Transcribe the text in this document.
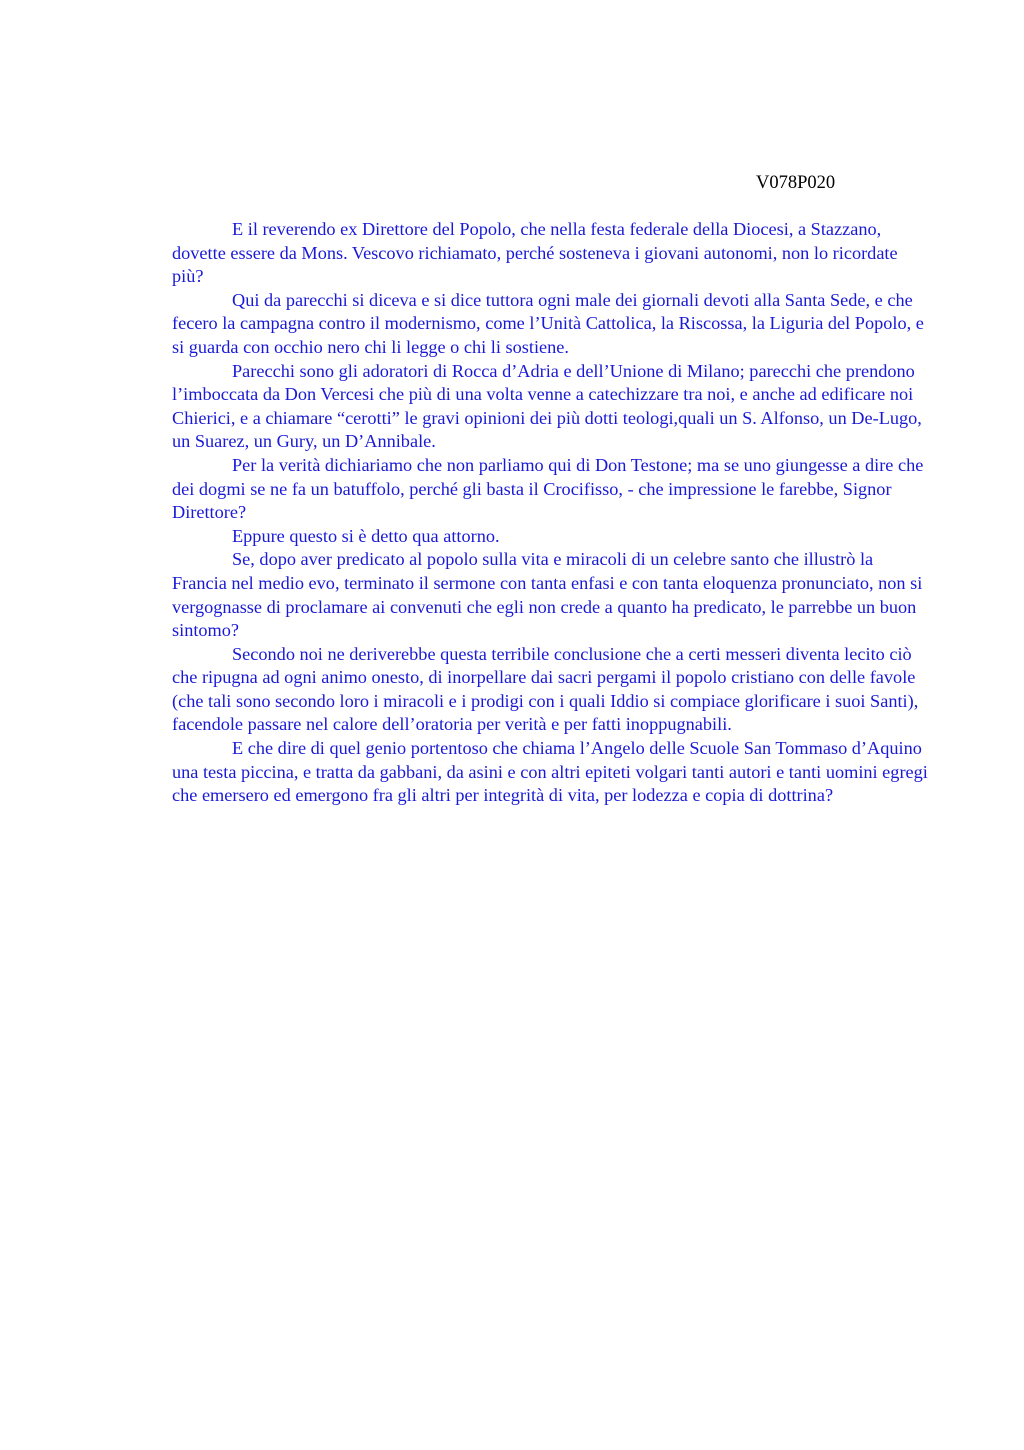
V078P020

E il reverendo ex Direttore del Popolo, che nella festa federale della Diocesi, a Stazzano, dovette essere da Mons. Vescovo richiamato, perché sosteneva i giovani autonomi, non lo ricordate più?

Qui da parecchi si diceva e si dice tuttora ogni male dei giornali devoti alla Santa Sede, e che fecero la campagna contro il modernismo, come l’Unità Cattolica, la Riscossa, la Liguria del Popolo, e si guarda con occhio nero chi li legge o chi li sostiene.

Parecchi sono gli adoratori di Rocca d’Adria e dell’Unione di Milano; parecchi che prendono l’imboccata da Don Vercesi che più di una volta venne a catechizzare tra noi, e anche ad edificare noi Chierici, e a chiamare “cerotti” le gravi opinioni dei più dotti teologi,quali un S. Alfonso, un De-Lugo, un Suarez, un Gury, un D’Annibale.

Per la verità dichiariamo che non parliamo qui di Don Testone; ma se uno giungesse a dire che dei dogmi se ne fa un batuffolo, perché gli basta il Crocifisso, - che impressione le farebbe, Signor Direttore?

Eppure questo si è detto qua attorno.

Se, dopo aver predicato al popolo sulla vita e miracoli di un celebre santo che illustrò la Francia nel medio evo, terminato il sermone con tanta enfasi e con tanta eloquenza pronunciato, non si vergognasse di proclamare ai convenuti che egli non crede a quanto ha predicato, le parrebbe un buon sintomo?

Secondo noi ne deriverebbe questa terribile conclusione che a certi messeri diventa lecito ciò che ripugna ad ogni animo onesto, di inorpellare dai sacri pergami il popolo cristiano con delle favole (che tali sono secondo loro i miracoli e i prodigi con i quali Iddio si compiace glorificare i suoi Santi), facendole passare nel calore dell’oratoria per verità e per fatti inoppugnabili.

E che dire di quel genio portentoso che chiama l’Angelo delle Scuole San Tommaso d’Aquino una testa piccina, e tratta da gabbani, da asini e con altri epiteti volgari tanti autori e tanti uomini egregi che emersero ed emergono fra gli altri per integrità di vita, per lodezza e copia di dottrina?
